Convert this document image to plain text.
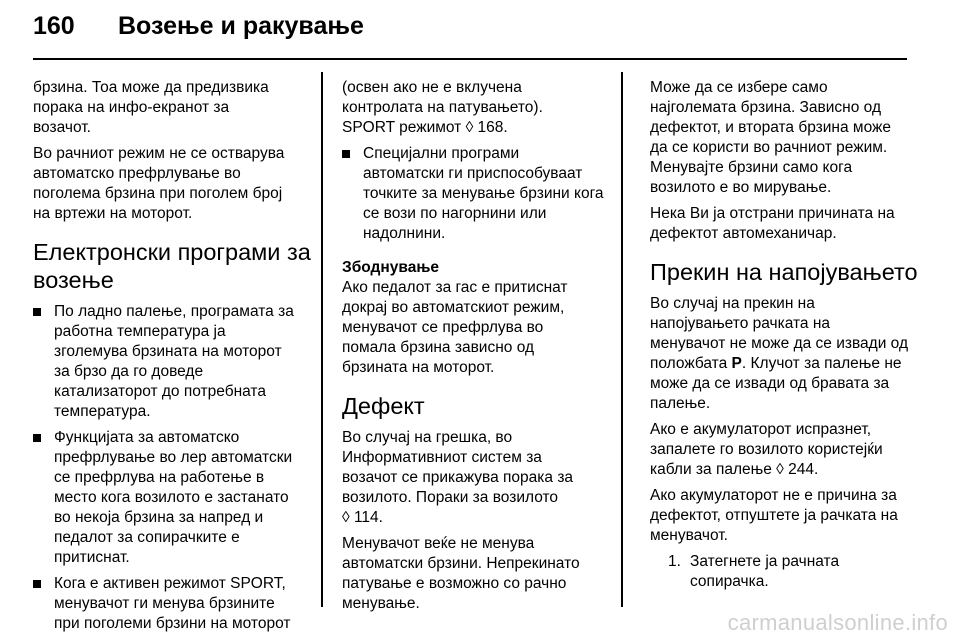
160 Возење и ракување

брзина. Тоа може да предизвика
порака на инфо-екранот за
возачот.

Во рачниот режим не се остварува
автоматско префрлување во
поголема брзина при поголем број
на вртежи на моторот.

Електронски програми за
возење
По ладно палење, програмата за
работна температура ја
зголемува брзината на моторот
за брзо да го доведе
катализаторот до потребната
температура.
Функцијата за автоматско
префрлување во лер автоматски
се префрлува на работење в
место кога возилото е застанато
во некоја брзина за напред и
педалот за сопирачките е
притиснат.
Кога е активен режимот SPORT,
менувачот ги менува брзините
при поголеми брзини на моторот

(освен ако не е вклучена
контролата на патувањето).
SPORT режимот ◊ 168.

Специјални програми
автоматски ги приспособуваат
точките за менување брзини кога
се вози по нагорнини или
надолнини.
Збоднување

Ако педалот за гас е притиснат
докрај во автоматскиот режим,
менувачот се префрлува во
помала брзина зависно од
брзината на моторот.

Дефект

Во случај на грешка, во
Информативниот систем за
возачот се прикажува порака за
возилото. Пораки за возилото
◊ 114.

Менувачот веќе не менува
автоматски брзини. Непрекинато
патување е возможно со рачно
менување.

Може да се избере само
најголемата брзина. Зависно од
дефектот, и втората брзина може
да се користи во рачниот режим.
Менувајте брзини само кога
возилото е во мирување.

Нека Ви ја отстрани причината на
дефектот автомеханичар.

Прекин на напојувањето

Во случај на прекин на
напојувањето рачката на
менувачот не може да се извади од
положбата P. Клучот за палење не
може да се извади од бравата за
палење.

Ако е акумулаторот испразнет,
запалете го возилото користејќи
кабли за палење ◊ 244.

Ако акумулаторот не е причина за
дефектот, отпуштете ја рачката на
менувачот.

1. Затегнете ја рачната
сопирачка.
carmanualsonline.info
